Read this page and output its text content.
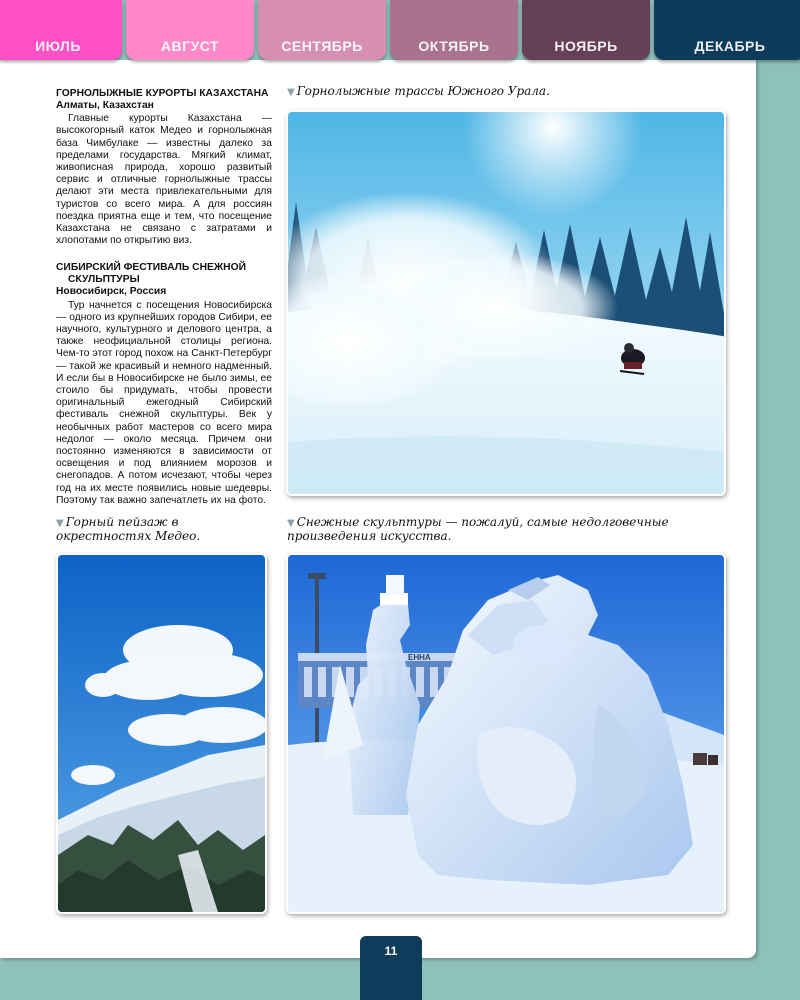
ИЮЛЬ	АВГУСТ	СЕНТЯБРЬ	ОКТЯБРЬ	НОЯБРЬ	ДЕКАБРЬ
ГОРНОЛЫЖНЫЕ КУРОРТЫ КАЗАХСТАНА
Алматы, Казахстан

Главные курорты Казахстана — высокогорный каток Медео и горнолыжная база Чимбулаке — известны далеко за пределами государства. Мягкий климат, живописная природа, хорошо развитый сервис и отличные горнолыжные трассы делают эти места привлекательными для туристов со всего мира. А для россиян поездка приятна еще и тем, что посещение Казахстана не связано с затратами и хлопотами по открытию виз.

СИБИРСКИЙ ФЕСТИВАЛЬ СНЕЖНОЙ СКУЛЬПТУРЫ
Новосибирск, Россия

Тур начнется с посещения Новосибирска — одного из крупнейших городов Сибири, ее научного, культурного и делового центра, а также неофициальной столицы региона. Чем-то этот город похож на Санкт-Петербург — такой же красивый и немного надменный. И если бы в Новосибирске не было зимы, ее стоило бы придумать, чтобы провести оригинальный ежегодный Сибирский фестиваль снежной скульптуры. Век у необычных работ мастеров со всего мира недолог — около месяца. Причем они постоянно изменяются в зависимости от освещения и под влиянием морозов и снегопадов. А потом исчезают, чтобы через год на их месте появились новые шедевры. Поэтому так важно запечатлеть их на фото.

▼ Горнолыжные трассы Южного Урала.
▼ Горный пейзаж в окрестностях Медео.
▼ Снежные скульптуры — пожалуй, самые недолговечные произведения искусства.
ЕННА
11
